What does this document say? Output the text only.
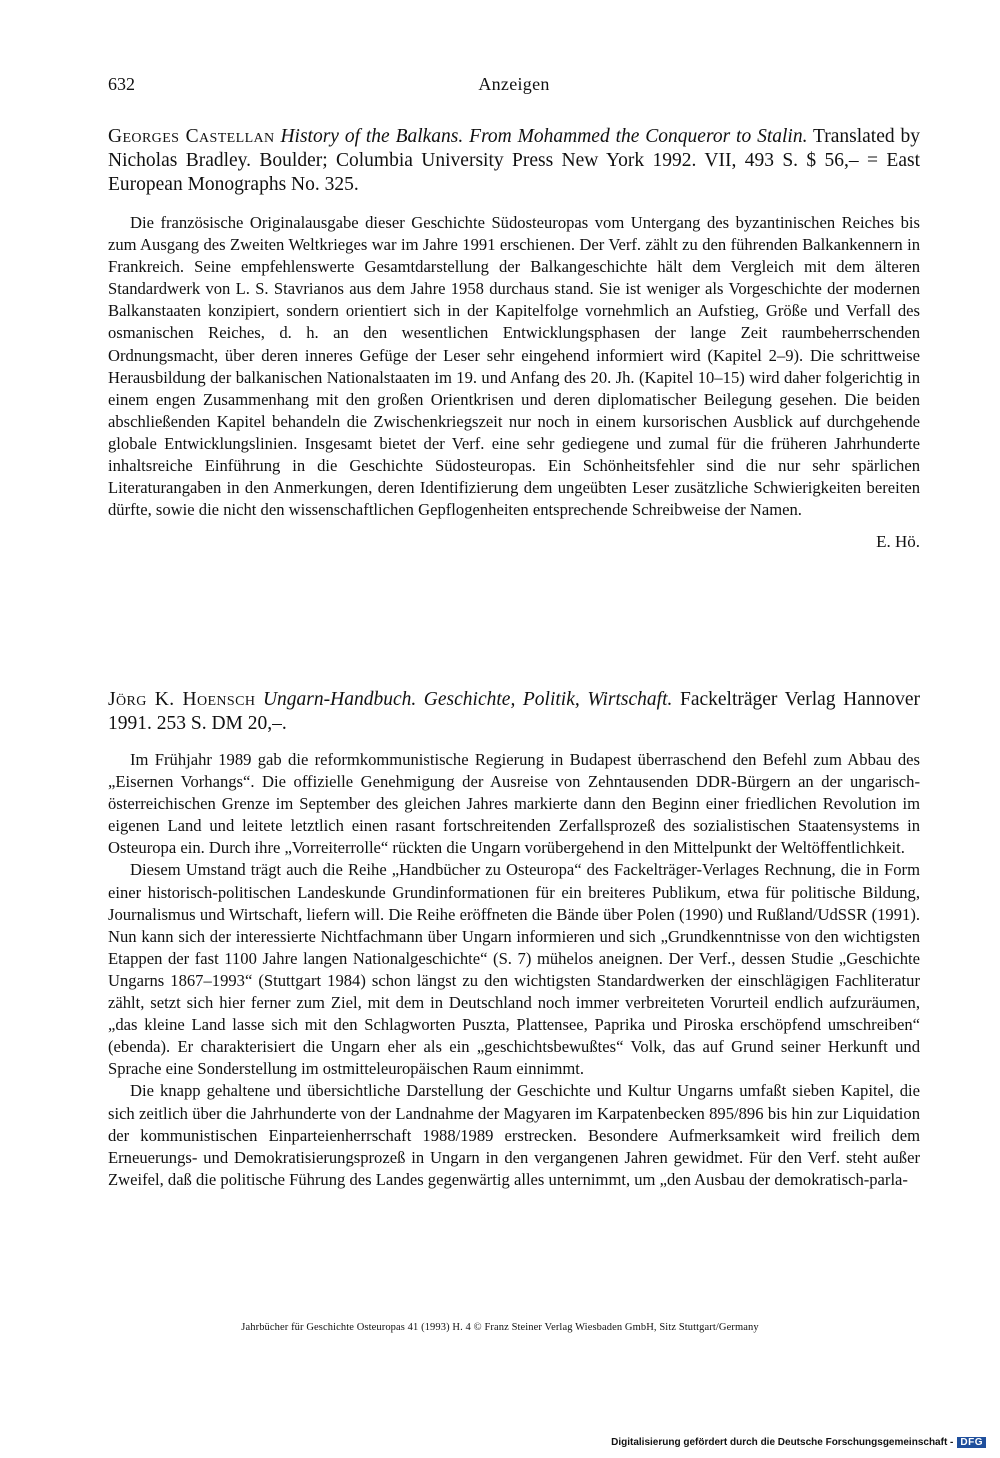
632	Anzeigen

Georges Castellan History of the Balkans. From Mohammed the Conqueror to Stalin. Translated by Nicholas Bradley. Boulder; Columbia University Press New York 1992. VII, 493 S. $ 56,– = East European Monographs No. 325.

Die französische Originalausgabe dieser Geschichte Südosteuropas vom Untergang des byzantinischen Reiches bis zum Ausgang des Zweiten Weltkrieges war im Jahre 1991 erschienen. Der Verf. zählt zu den führenden Balkankennern in Frankreich. Seine empfehlenswerte Gesamtdarstellung der Balkangeschichte hält dem Vergleich mit dem älteren Standardwerk von L. S. Stavrianos aus dem Jahre 1958 durchaus stand. Sie ist weniger als Vorgeschichte der modernen Balkanstaaten konzipiert, sondern orientiert sich in der Kapitelfolge vornehmlich an Aufstieg, Größe und Verfall des osmanischen Reiches, d. h. an den wesentlichen Entwicklungsphasen der lange Zeit raumbeherrschenden Ordnungsmacht, über deren inneres Gefüge der Leser sehr eingehend informiert wird (Kapitel 2–9). Die schrittweise Herausbildung der balkanischen Nationalstaaten im 19. und Anfang des 20. Jh. (Kapitel 10–15) wird daher folgerichtig in einem engen Zusammenhang mit den großen Orientkrisen und deren diplomatischer Beilegung gesehen. Die beiden abschließenden Kapitel behandeln die Zwischenkriegszeit nur noch in einem kursorischen Ausblick auf durchgehende globale Entwicklungslinien. Insgesamt bietet der Verf. eine sehr gediegene und zumal für die früheren Jahrhunderte inhaltsreiche Einführung in die Geschichte Südosteuropas. Ein Schönheitsfehler sind die nur sehr spärlichen Literaturangaben in den Anmerkungen, deren Identifizierung dem ungeübten Leser zusätzliche Schwierigkeiten bereiten dürfte, sowie die nicht den wissenschaftlichen Gepflogenheiten entsprechende Schreibweise der Namen.

E. Hö.

Jörg K. Hoensch Ungarn-Handbuch. Geschichte, Politik, Wirtschaft. Fackelträger Verlag Hannover 1991. 253 S. DM 20,–.

Im Frühjahr 1989 gab die reformkommunistische Regierung in Budapest überraschend den Befehl zum Abbau des „Eisernen Vorhangs“. Die offizielle Genehmigung der Ausreise von Zehntausenden DDR-Bürgern an der ungarisch-österreichischen Grenze im September des gleichen Jahres markierte dann den Beginn einer friedlichen Revolution im eigenen Land und leitete letztlich einen rasant fortschreitenden Zerfallsprozeß des sozialistischen Staatensystems in Osteuropa ein. Durch ihre „Vorreiterrolle“ rückten die Ungarn vorübergehend in den Mittelpunkt der Weltöffentlichkeit.

Diesem Umstand trägt auch die Reihe „Handbücher zu Osteuropa“ des Fackelträger-Verlages Rechnung, die in Form einer historisch-politischen Landeskunde Grundinformationen für ein breiteres Publikum, etwa für politische Bildung, Journalismus und Wirtschaft, liefern will. Die Reihe eröffneten die Bände über Polen (1990) und Rußland/UdSSR (1991). Nun kann sich der interessierte Nichtfachmann über Ungarn informieren und sich „Grundkenntnisse von den wichtigsten Etappen der fast 1100 Jahre langen Nationalgeschichte“ (S. 7) mühelos aneignen. Der Verf., dessen Studie „Geschichte Ungarns 1867–1993“ (Stuttgart 1984) schon längst zu den wichtigsten Standardwerken der einschlägigen Fachliteratur zählt, setzt sich hier ferner zum Ziel, mit dem in Deutschland noch immer verbreiteten Vorurteil endlich aufzuräumen, „das kleine Land lasse sich mit den Schlagworten Puszta, Plattensee, Paprika und Piroska erschöpfend umschreiben“ (ebenda). Er charakterisiert die Ungarn eher als ein „geschichtsbewußtes“ Volk, das auf Grund seiner Herkunft und Sprache eine Sonderstellung im ostmitteleuropäischen Raum einnimmt.

Die knapp gehaltene und übersichtliche Darstellung der Geschichte und Kultur Ungarns umfaßt sieben Kapitel, die sich zeitlich über die Jahrhunderte von der Landnahme der Magyaren im Karpatenbecken 895/896 bis hin zur Liquidation der kommunistischen Einparteienherrschaft 1988/1989 erstrecken. Besondere Aufmerksamkeit wird freilich dem Erneuerungs- und Demokratisierungsprozeß in Ungarn in den vergangenen Jahren gewidmet. Für den Verf. steht außer Zweifel, daß die politische Führung des Landes gegenwärtig alles unternimmt, um „den Ausbau der demokratisch-parla-

Jahrbücher für Geschichte Osteuropas 41 (1993) H. 4 © Franz Steiner Verlag Wiesbaden GmbH, Sitz Stuttgart/Germany
Digitalisierung gefördert durch die Deutsche Forschungsgemeinschaft - DFG
